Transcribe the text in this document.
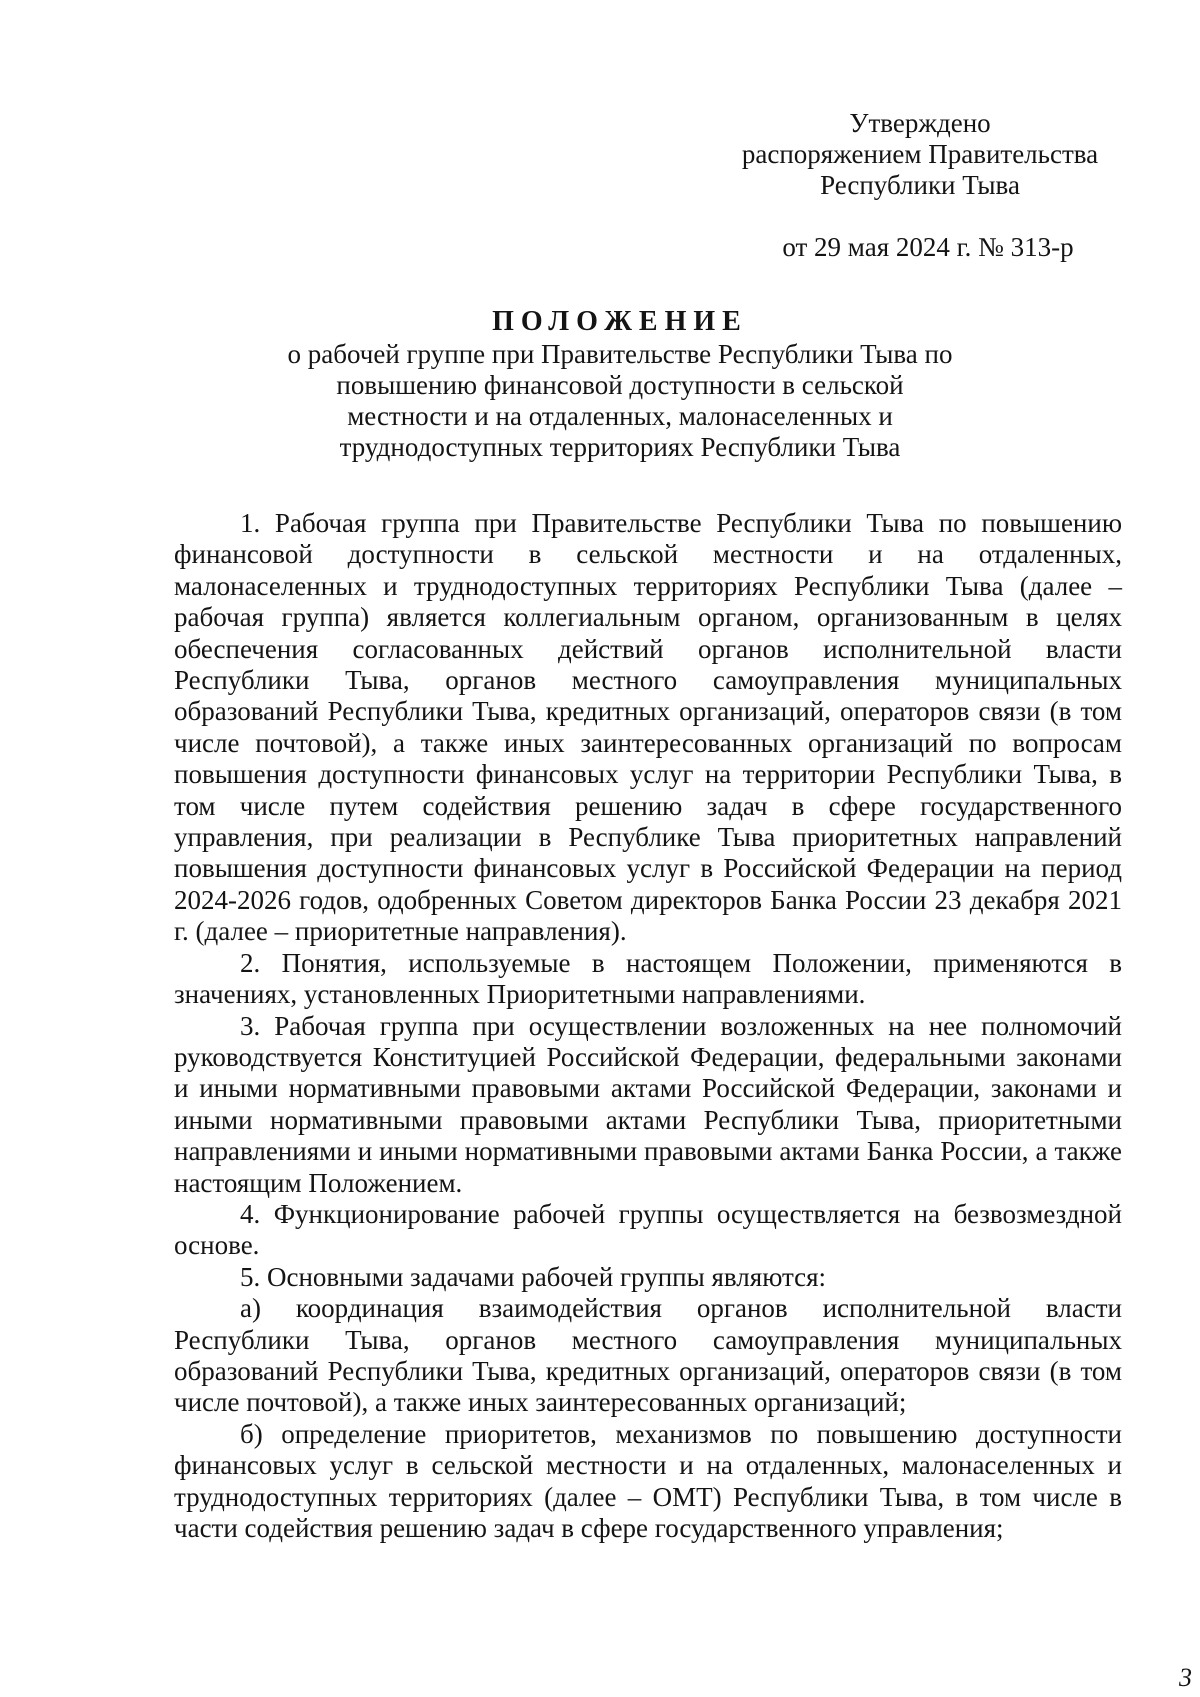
Утверждено
распоряжением Правительства
Республики Тыва
от 29 мая 2024 г. № 313-р

ПОЛОЖЕНИЕ

о рабочей группе при Правительстве Республики Тыва по повышению финансовой доступности в сельской местности и на отдаленных, малонаселенных и труднодоступных территориях Республики Тыва

1. Рабочая группа при Правительстве Республики Тыва по повышению финансовой доступности в сельской местности и на отдаленных, малонаселенных и труднодоступных территориях Республики Тыва (далее – рабочая группа) является коллегиальным органом, организованным в целях обеспечения согласованных действий органов исполнительной власти Республики Тыва, органов местного самоуправления муниципальных образований Республики Тыва, кредитных организаций, операторов связи (в том числе почтовой), а также иных заинтересованных организаций по вопросам повышения доступности финансовых услуг на территории Республики Тыва, в том числе путем содействия решению задач в сфере государственного управления, при реализации в Республике Тыва приоритетных направлений повышения доступности финансовых услуг в Российской Федерации на период 2024-2026 годов, одобренных Советом директоров Банка России 23 декабря 2021 г. (далее – приоритетные направления).

2. Понятия, используемые в настоящем Положении, применяются в значениях, установленных Приоритетными направлениями.

3. Рабочая группа при осуществлении возложенных на нее полномочий руководствуется Конституцией Российской Федерации, федеральными законами и иными нормативными правовыми актами Российской Федерации, законами и иными нормативными правовыми актами Республики Тыва, приоритетными направлениями и иными нормативными правовыми актами Банка России, а также настоящим Положением.

4. Функционирование рабочей группы осуществляется на безвозмездной основе.

5. Основными задачами рабочей группы являются:

а) координация взаимодействия органов исполнительной власти Республики Тыва, органов местного самоуправления муниципальных образований Республики Тыва, кредитных организаций, операторов связи (в том числе почтовой), а также иных заинтересованных организаций;

б) определение приоритетов, механизмов по повышению доступности финансовых услуг в сельской местности и на отдаленных, малонаселенных и труднодоступных территориях (далее – ОМТ) Республики Тыва, в том числе в части содействия решению задач в сфере государственного управления;

3
